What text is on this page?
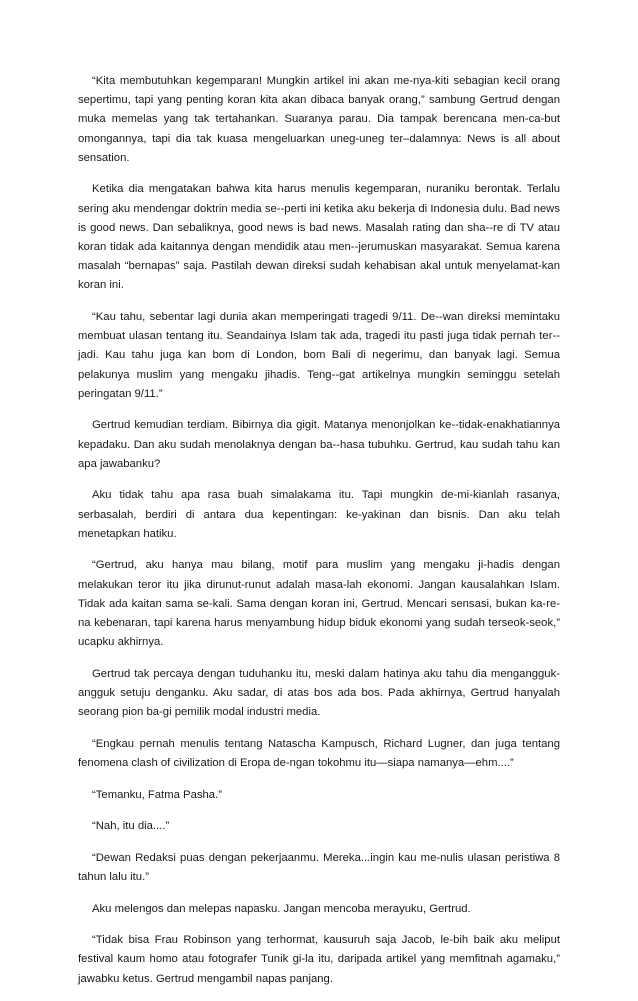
“Kita membutuhkan kegemparan! Mungkin artikel ini akan me-nya-kiti sebagian kecil orang sepertimu, tapi yang penting koran kita akan dibaca banyak orang,” sambung Gertrud dengan muka memelas yang tak tertahankan. Suaranya parau. Dia tampak berencana men-ca-but omongannya, tapi dia tak kuasa mengeluarkan uneg-uneg ter–dalamnya: News is all about sensation.

Ketika dia mengatakan bahwa kita harus menulis kegemparan, nuraniku berontak. Terlalu sering aku mendengar doktrin media se--perti ini ketika aku bekerja di Indonesia dulu. Bad news is good news. Dan sebaliknya, good news is bad news. Masalah rating dan sha--re di TV atau koran tidak ada kaitannya dengan mendidik atau men--jerumuskan masyarakat. Semua karena masalah “bernapas” saja. Pastilah dewan direksi sudah kehabisan akal untuk menyelamat-kan koran ini.

“Kau tahu, sebentar lagi dunia akan memperingati tragedi 9/11. De--wan direksi memintaku membuat ulasan tentang itu. Seandainya Islam tak ada, tragedi itu pasti juga tidak pernah ter--jadi. Kau tahu juga kan bom di London, bom Bali di negerimu, dan banyak lagi. Semua pelakunya muslim yang mengaku jihadis. Teng--gat artikelnya mungkin seminggu setelah peringatan 9/11.”

Gertrud kemudian terdiam. Bibirnya dia gigit. Matanya menonjolkan ke--tidak-enakhatiannya kepadaku. Dan aku sudah menolaknya dengan ba--hasa tubuhku. Gertrud, kau sudah tahu kan apa jawabanku?

Aku tidak tahu apa rasa buah simalakama itu. Tapi mungkin de-mi-kianlah rasanya, serbasalah, berdiri di antara dua kepentingan: ke-yakinan dan bisnis. Dan aku telah menetapkan hatiku.

“Gertrud, aku hanya mau bilang, motif para muslim yang mengaku ji-hadis dengan melakukan teror itu jika dirunut-runut adalah masa-lah ekonomi. Jangan kausalahkan Islam. Tidak ada kaitan sama se-kali. Sama dengan koran ini, Gertrud. Mencari sensasi, bukan ka-re-na kebenaran, tapi karena harus menyambung hidup biduk ekonomi yang sudah terseok-seok,” ucapku akhirnya.

Gertrud tak percaya dengan tuduhanku itu, meski dalam hatinya aku tahu dia mengangguk-angguk setuju denganku. Aku sadar, di atas bos ada bos. Pada akhirnya, Gertrud hanyalah seorang pion ba-gi pemilik modal industri media.

“Engkau pernah menulis tentang Natascha Kampusch, Richard Lugner, dan juga tentang fenomena clash of civilization di Eropa de-ngan tokohmu itu—siapa namanya—ehm....”

“Temanku, Fatma Pasha.”

“Nah, itu dia....”

“Dewan Redaksi puas dengan pekerjaanmu. Mereka...ingin kau me-nulis ulasan peristiwa 8 tahun lalu itu.”

Aku melengos dan melepas napasku. Jangan mencoba merayuku, Gertrud.

“Tidak bisa Frau Robinson yang terhormat, kausuruh saja Jacob, le-bih baik aku meliput festival kaum homo atau fotografer Tunik gi-la itu, daripada artikel yang memfitnah agamaku,” jawabku ketus. Gertrud mengambil napas panjang.
